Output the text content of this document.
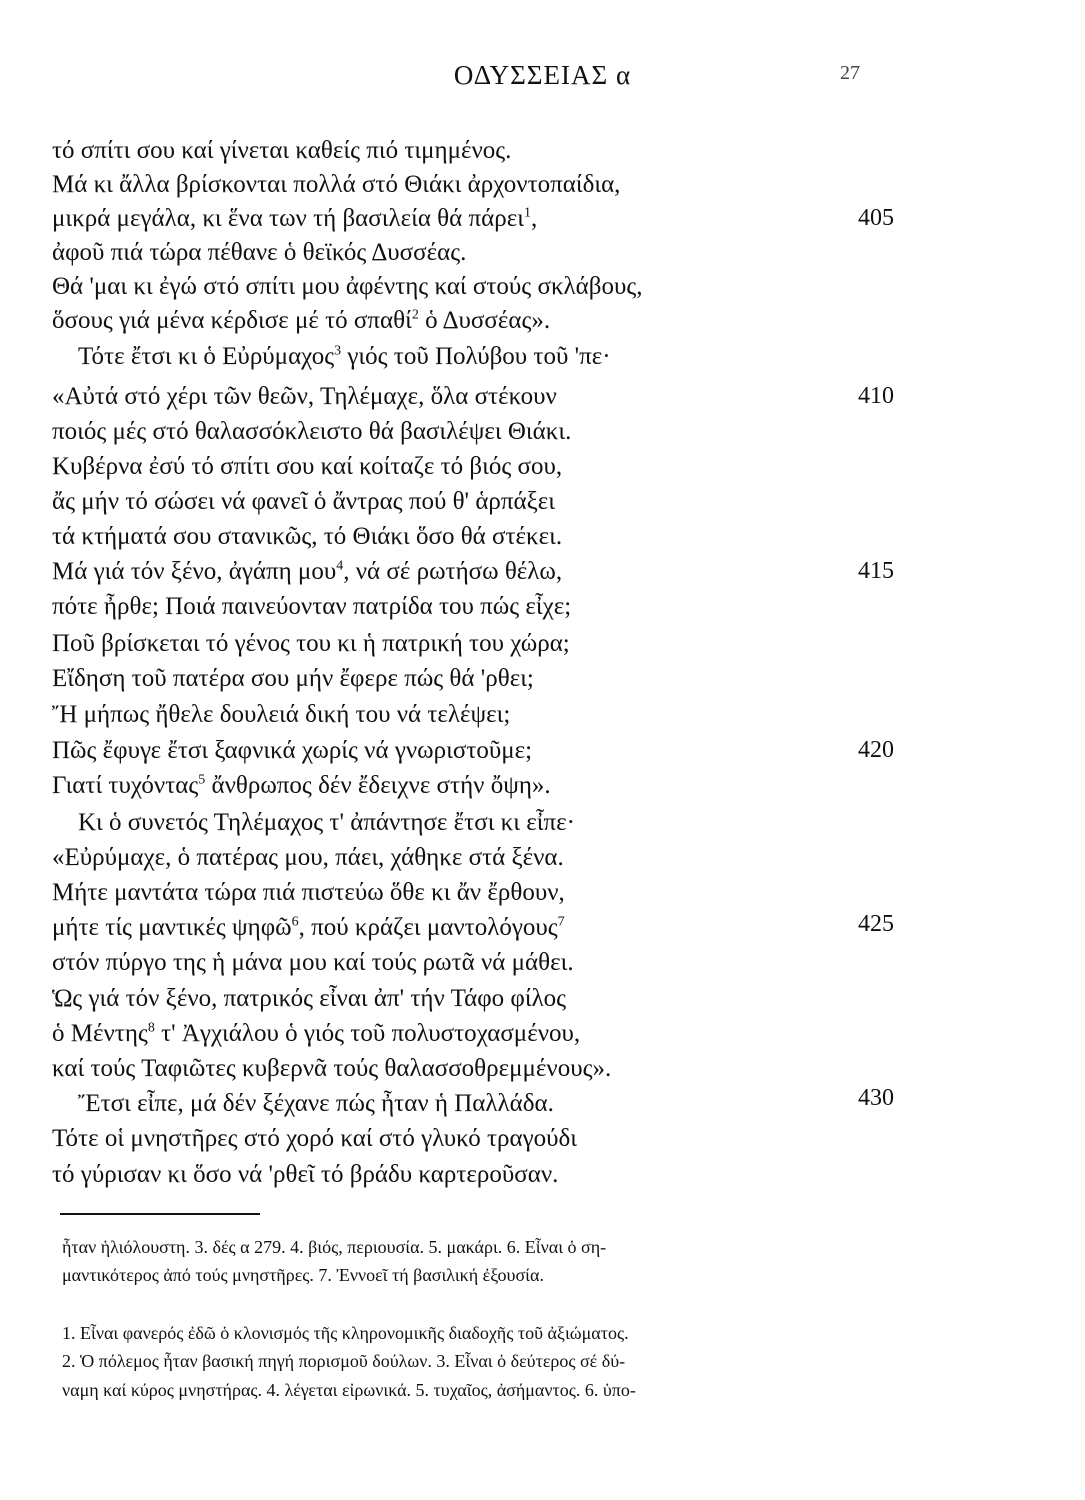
ΟΔΥΣΣΕΙΑΣ α	27
τό σπίτι σου καί γίνεται καθείς πιό τιμημένος.
Μά κι ἄλλα βρίσκονται πολλά στό Θιάκι ἀρχοντοπαίδια,
μικρά μεγάλα, κι ἕνα των τή βασιλεία θά πάρει$^1$,
ἀφοῦ πιά τώρα πέθανε ὁ θεϊκός Δυσσέας.
Θά 'μαι κι ἐγώ στό σπίτι μου ἀφέντης καί στούς σκλάβους,
ὅσους γιά μένα κέρδισε μέ τό σπαθί$^2$ ὁ Δυσσέας».
Τότε ἔτσι κι ὁ Εὐρύμαχος$^3$ γιός τοῦ Πολύβου τοῦ 'πε·
«Αὐτά στό χέρι τῶν θεῶν, Τηλέμαχε, ὅλα στέκουν
ποιός μές στό θαλασσόκλειστο θά βασιλέψει Θιάκι.
Κυβέρνα ἐσύ τό σπίτι σου καί κοίταζε τό βιός σου,
ἄς μήν τό σώσει νά φανεῖ ὁ ἄντρας πού θ' ἁρπάξει
τά κτήματά σου στανικῶς, τό Θιάκι ὅσο θά στέκει.
Μά γιά τόν ξένο, ἀγάπη μου$^4$, νά σέ ρωτήσω θέλω,
πότε ἦρθε; Ποιά παινεύονταν πατρίδα του πώς εἶχε;
Ποῦ βρίσκεται τό γένος του κι ἡ πατρική του χώρα;
Εἴδηση τοῦ πατέρα σου μήν ἔφερε πώς θά 'ρθει;
Ἤ μήπως ἤθελε δουλειά δική του νά τελέψει;
Πῶς ἔφυγε ἔτσι ξαφνικά χωρίς νά γνωριστοῦμε;
Γιατί τυχόντας$^5$ ἄνθρωπος δέν ἔδειχνε στήν ὄψη».
Κι ὁ συνετός Τηλέμαχος τ' ἀπάντησε ἔτσι κι εἶπε·
«Εὐρύμαχε, ὁ πατέρας μου, πάει, χάθηκε στά ξένα.
Μήτε μαντάτα τώρα πιά πιστεύω ὅθε κι ἄν ἔρθουν,
μήτε τίς μαντικές ψηφῶ$^6$, πού κράζει μαντολόγους$^7$
στόν πύργο της ἡ μάνα μου καί τούς ρωτᾶ νά μάθει.
Ὡς γιά τόν ξένο, πατρικός εἶναι ἀπ' τήν Τάφο φίλος
ὁ Μέντης$^8$ τ' Ἀγχιάλου ὁ γιός τοῦ πολυστοχασμένου,
καί τούς Ταφιῶτες κυβερνᾶ τούς θαλασσοθρεμμένους».
Ἔτσι εἶπε, μά δέν ξέχανε πώς ἦταν ἡ Παλλάδα.
Τότε οἱ μνηστῆρες στό χορό καί στό γλυκό τραγούδι
τό γύρισαν κι ὅσο νά 'ρθεῖ τό βράδυ καρτεροῦσαν.
405
410
415
420
425
430
ἦταν ἡλιόλουστη. 3. δές α 279. 4. βιός, περιουσία. 5. μακάρι. 6. Εἶναι ὁ ση-
μαντικότερος ἀπό τούς μνηστῆρες. 7. Ἐννοεῖ τή βασιλική ἐξουσία.
1. Εἶναι φανερός ἐδῶ ὁ κλονισμός τῆς κληρονομικῆς διαδοχῆς τοῦ ἀξιώματος.
2. Ὁ πόλεμος ἦταν βασική πηγή πορισμοῦ δούλων. 3. Εἶναι ὁ δεύτερος σέ δύ-
ναμη καί κύρος μνηστήρας. 4. λέγεται εἰρωνικά. 5. τυχαῖος, ἀσήμαντος. 6. ὑπο-
